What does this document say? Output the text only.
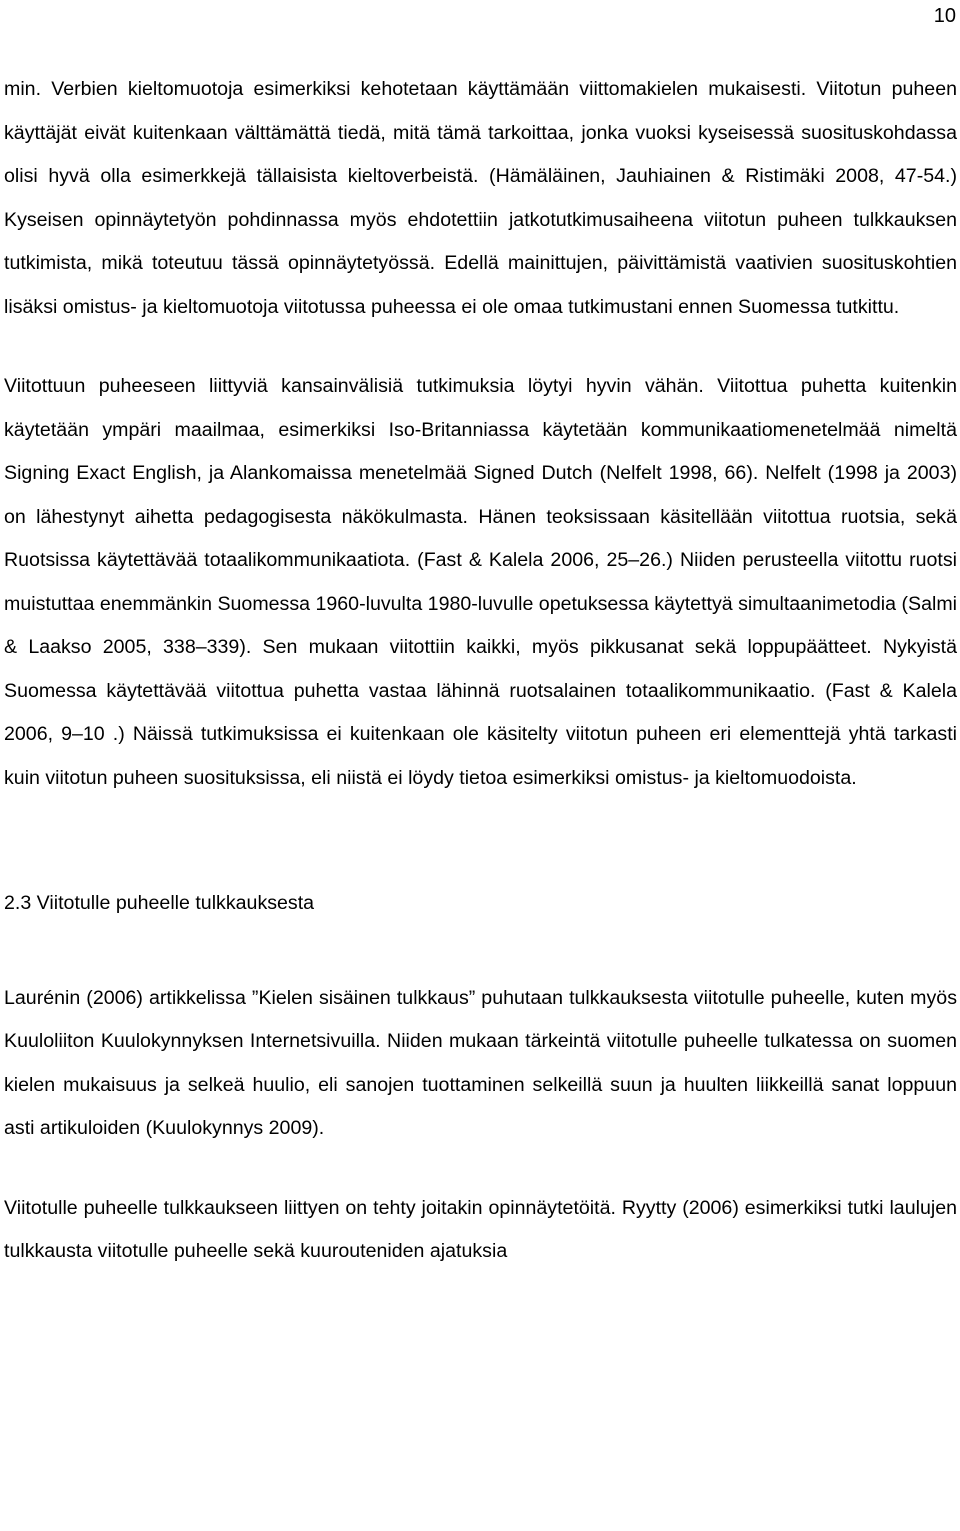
10

min. Verbien kieltomuotoja esimerkiksi kehotetaan käyttämään viittomakielen mukaisesti. Viitotun puheen käyttäjät eivät kuitenkaan välttämättä tiedä, mitä tämä tarkoittaa, jonka vuoksi kyseisessä suosituskohdassa olisi hyvä olla esimerkkejä tällaisista kieltoverbeistä. (Hämäläinen, Jauhiainen & Ristimäki 2008, 47-54.) Kyseisen opinnäytetyön pohdinnassa myös ehdotettiin jatkotutkimusaiheena viitotun puheen tulkkauksen tutkimista, mikä toteutuu tässä opinnäytetyössä. Edellä mainittujen, päivittämistä vaativien suosituskohtien lisäksi omistus- ja kieltomuotoja viitotussa puheessa ei ole omaa tutkimustani ennen Suomessa tutkittu.

Viitottuun puheeseen liittyviä kansainvälisiä tutkimuksia löytyi hyvin vähän. Viitottua puhetta kuitenkin käytetään ympäri maailmaa, esimerkiksi Iso-Britanniassa käytetään kommunikaatiomenetelmää nimeltä Signing Exact English, ja Alankomaissa menetelmää Signed Dutch (Nelfelt 1998, 66). Nelfelt (1998 ja 2003) on lähestynyt aihetta pedagogisesta näkökulmasta. Hänen teoksissaan käsitellään viitottua ruotsia, sekä Ruotsissa käytettävää totaalikommunikaatiota. (Fast & Kalela 2006, 25–26.) Niiden perusteella viitottu ruotsi muistuttaa enemmänkin Suomessa 1960-luvulta 1980-luvulle opetuksessa käytettyä simultaanimetodia (Salmi & Laakso 2005, 338–339). Sen mukaan viitottiin kaikki, myös pikkusanat sekä loppupäätteet. Nykyistä Suomessa käytettävää viitottua puhetta vastaa lähinnä ruotsalainen totaalikommunikaatio. (Fast & Kalela 2006, 9–10 .) Näissä tutkimuksissa ei kuitenkaan ole käsitelty viitotun puheen eri elementtejä yhtä tarkasti kuin viitotun puheen suosituksissa, eli niistä ei löydy tietoa esimerkiksi omistus- ja kieltomuodoista.

2.3 Viitotulle puheelle tulkkauksesta

Laurénin (2006) artikkelissa ”Kielen sisäinen tulkkaus” puhutaan tulkkauksesta viitotulle puheelle, kuten myös Kuuloliiton Kuulokynnyksen Internetsivuilla. Niiden mukaan tärkeintä viitotulle puheelle tulkatessa on suomen kielen mukaisuus ja selkeä huulio, eli sanojen tuottaminen selkeillä suun ja huulten liikkeillä sanat loppuun asti artikuloiden (Kuulokynnys 2009).

Viitotulle puheelle tulkkaukseen liittyen on tehty joitakin opinnäytetöitä. Ryytty (2006) esimerkiksi tutki laulujen tulkkausta viitotulle puheelle sekä kuurouteniden ajatuksia
